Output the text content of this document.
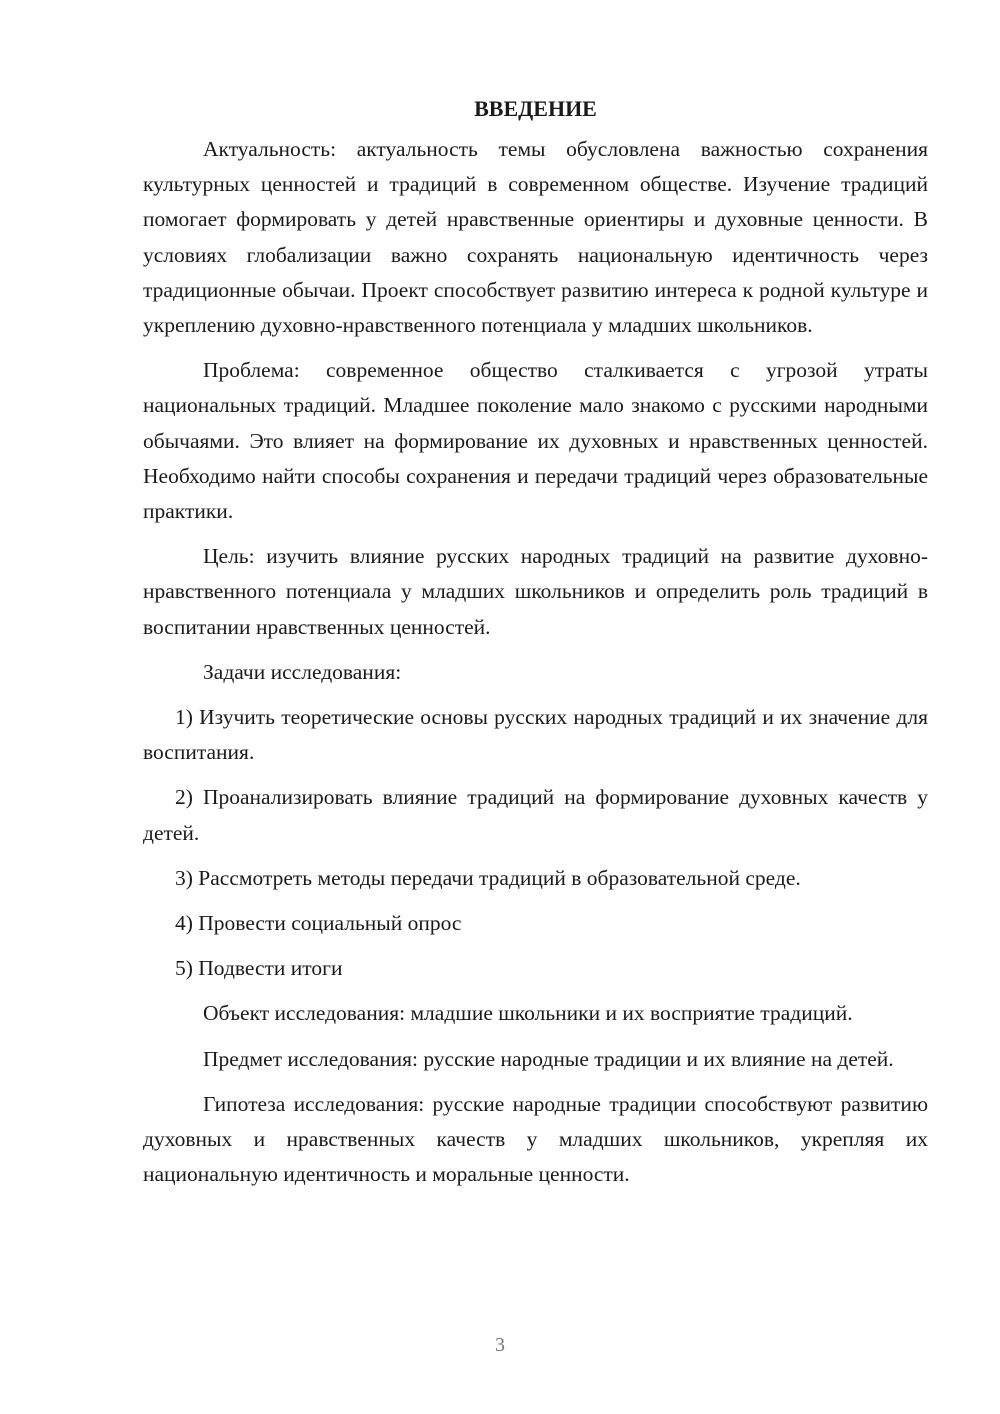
ВВЕДЕНИЕ

Актуальность: актуальность темы обусловлена важностью сохранения культурных ценностей и традиций в современном обществе. Изучение традиций помогает формировать у детей нравственные ориентиры и духовные ценности. В условиях глобализации важно сохранять национальную идентичность через традиционные обычаи. Проект способствует развитию интереса к родной культуре и укреплению духовно-нравственного потенциала у младших школьников.

Проблема: современное общество сталкивается с угрозой утраты национальных традиций. Младшее поколение мало знакомо с русскими народными обычаями. Это влияет на формирование их духовных и нравственных ценностей. Необходимо найти способы сохранения и передачи традиций через образовательные практики.

Цель: изучить влияние русских народных традиций на развитие духовно-нравственного потенциала у младших школьников и определить роль традиций в воспитании нравственных ценностей.

Задачи исследования:

1) Изучить теоретические основы русских народных традиций и их значение для воспитания.

2) Проанализировать влияние традиций на формирование духовных качеств у детей.

3) Рассмотреть методы передачи традиций в образовательной среде.

4) Провести социальный опрос

5) Подвести итоги

Объект исследования: младшие школьники и их восприятие традиций.

Предмет исследования: русские народные традиции и их влияние на детей.

Гипотеза исследования: русские народные традиции способствуют развитию духовных и нравственных качеств у младших школьников, укрепляя их национальную идентичность и моральные ценности.

3
